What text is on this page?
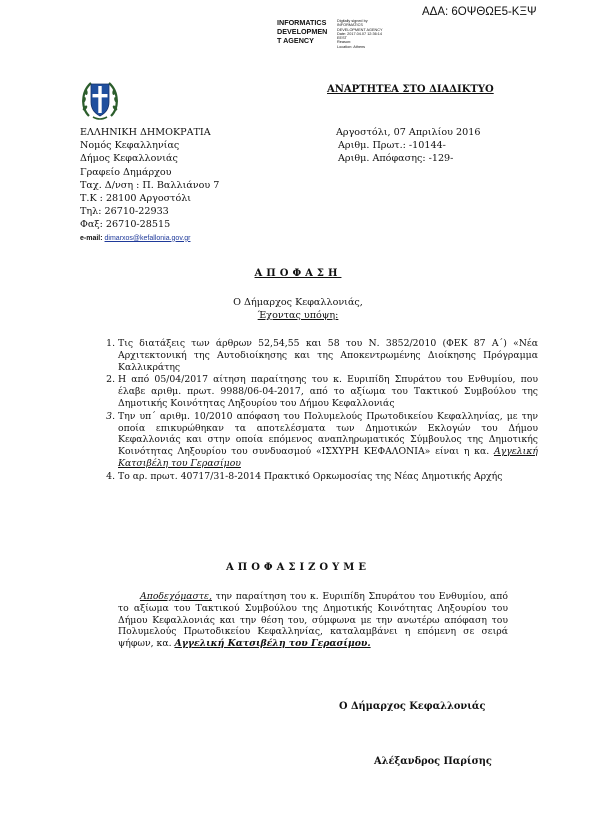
ΑΔΑ: 6ΟΨΘΩΕ5-ΚΞΨ
INFORMATICS
DEVELOPMEN
T AGENCY
Digitally signed by
INFORMATICS
DEVELOPMENT AGENCY
Date: 2017.04.07 12:36:14
EEST
Reason:
Location: Athens
ΑΝΑΡΤΗΤΕΑ ΣΤΟ ΔΙΑΔΙΚΤΥΟ
ΕΛΛΗΝΙΚΗ ΔΗΜΟΚΡΑΤΙΑ
Νομός Κεφαλληνίας
Δήμος Κεφαλλονιάς
Γραφείο Δημάρχου
Ταχ. Δ/νση : Π. Βαλλιάνου 7
Τ.Κ : 28100 Αργοστόλι
Τηλ: 26710-22933
Φαξ: 26710-28515
e-mail: dimarxos@kefallonia.gov.gr
Αργοστόλι, 07 Απριλίου 2016
Αριθμ. Πρωτ.: -10144-
Αριθμ. Απόφασης: -129-
ΑΠΟΦΑΣΗ
Ο Δήμαρχος Κεφαλλονιάς,
Έχοντας υπόψη:
1. Τις διατάξεις των άρθρων 52,54,55 και 58 του Ν. 3852/2010 (ΦΕΚ 87 Α΄) «Νέα Αρχιτεκτονική της Αυτοδιοίκησης και της Αποκεντρωμένης Διοίκησης Πρόγραμμα Καλλικράτης
2. Η από 05/04/2017 αίτηση παραίτησης του κ. Ευριπίδη Σπυράτου του Ενθυμίου, που έλαβε αριθμ. πρωτ. 9988/06-04-2017, από το αξίωμα του Τακτικού Συμβούλου της Δημοτικής Κοινότητας Ληξουρίου του Δήμου Κεφαλλονιάς
3. Την υπ΄ αριθμ. 10/2010 απόφαση του Πολυμελούς Πρωτοδικείου Κεφαλληνίας, με την οποία επικυρώθηκαν τα αποτελέσματα των Δημοτικών Εκλογών του Δήμου Κεφαλλονιάς και στην οποία επόμενος αναπληρωματικός Σύμβουλος της Δημοτικής Κοινότητας Ληξουρίου του συνδυασμού «ΙΣΧΥΡΗ ΚΕΦΑΛΟΝΙΑ» είναι η κα. Αγγελική Κατσιβέλη του Γερασίμου
4. Το αρ. πρωτ. 40717/31-8-2014 Πρακτικό Ορκωμοσίας της Νέας Δημοτικής Αρχής
ΑΠΟΦΑΣΙΖΟΥΜΕ
Αποδεχόμαστε, την παραίτηση του κ. Ευριπίδη Σπυράτου του Ενθυμίου, από το αξίωμα του Τακτικού Συμβούλου της Δημοτικής Κοινότητας Ληξουρίου του Δήμου Κεφαλλονιάς και την θέση του, σύμφωνα με την ανωτέρω απόφαση του Πολυμελούς Πρωτοδικείου Κεφαλληνίας, καταλαμβάνει η επόμενη σε σειρά ψήφων, κα. Αγγελική Κατσιβέλη του Γερασίμου.
Ο Δήμαρχος Κεφαλλονιάς
Αλέξανδρος Παρίσης
